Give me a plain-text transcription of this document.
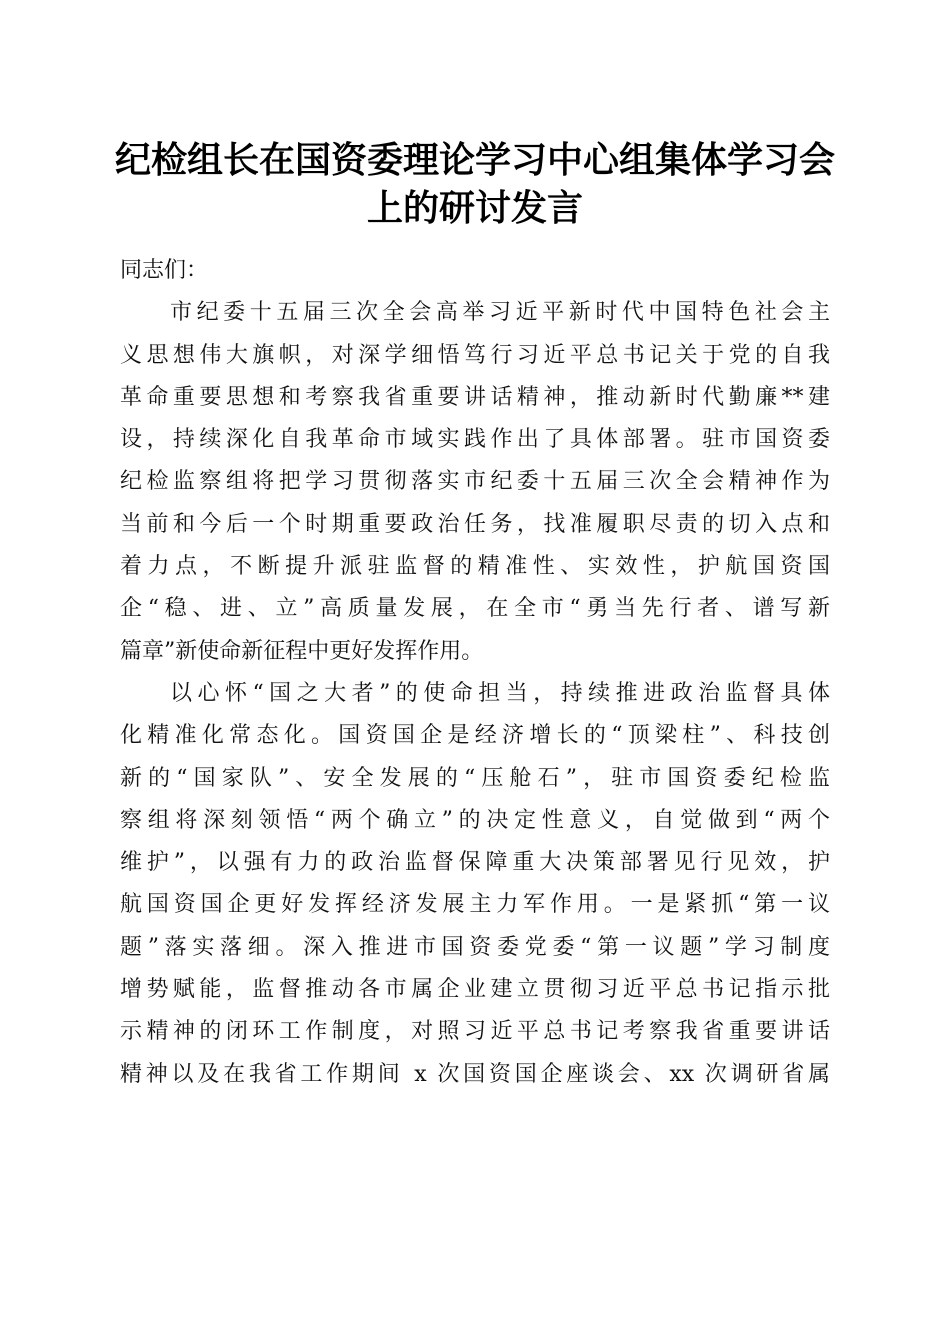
纪检组长在国资委理论学习中心组集体学习会
上的研讨发言
同志们：
市纪委十五届三次全会高举习近平新时代中国特色社会主
义思想伟大旗帜，对深学细悟笃行习近平总书记关于党的自我
革命重要思想和考察我省重要讲话精神，推动新时代勤廉**建
设，持续深化自我革命市域实践作出了具体部署。驻市国资委
纪检监察组将把学习贯彻落实市纪委十五届三次全会精神作为
当前和今后一个时期重要政治任务，找准履职尽责的切入点和
着力点，不断提升派驻监督的精准性、实效性，护航国资国
企“稳、进、立”高质量发展，在全市“勇当先行者、谱写新
篇章”新使命新征程中更好发挥作用。
以心怀“国之大者”的使命担当，持续推进政治监督具体
化精准化常态化。国资国企是经济增长的“顶梁柱”、科技创
新的“国家队”、安全发展的“压舱石”，驻市国资委纪检监
察组将深刻领悟“两个确立”的决定性意义，自觉做到“两个
维护”，以强有力的政治监督保障重大决策部署见行见效，护
航国资国企更好发挥经济发展主力军作用。一是紧抓“第一议
题”落实落细。深入推进市国资委党委“第一议题”学习制度
增势赋能，监督推动各市属企业建立贯彻习近平总书记指示批
示精神的闭环工作制度，对照习近平总书记考察我省重要讲话
精神以及在我省工作期间 x 次国资国企座谈会、xx 次调研省属
